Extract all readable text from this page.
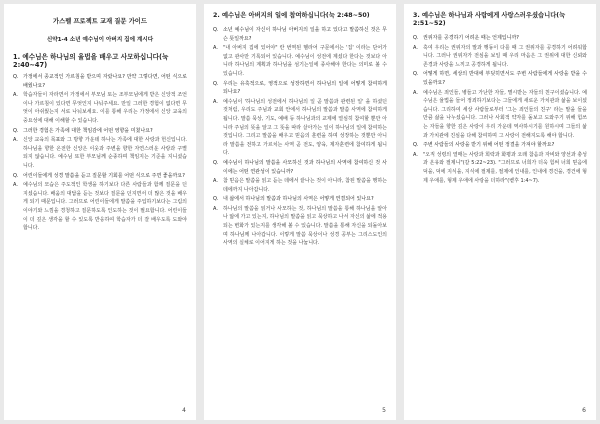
가스펠 프로젝트 교재 질문 가이드
신약1-4 소년 예수님이 아버지 집에 계시다
1. 예수님은 하나님의 율법을 배우고 사모하십니다(눅 2:40~47)
Q. 가정에서 종교적인 가르침을 받으며 자랐나요? 만약 그렇다면, 어떤 식으로 배웠나요?
A.	학습자들이 자라면서 가정에서 부모님 또는 조부모님에게 받은 신앙적 조언이나 가르침이 있다면 무엇인지 나눠주세요. 만일 그러한 경험이 없다면 무엇이 아쉬웠는지 서로 나눠보세요. 이를 통해 우리는 가정에서 신앙 교육의 중요성에 대해 이해할 수 있습니다.
Q. 그러한 경험은 가족에 대한 책임감에 어떤 영향을 미쳤나요?
A.	신앙 교육의 목표와 그 방향 가운데 하나는 가족에 대한 사랑과 헌신입니다. 하나님을 향한 온전한 신앙은 이웃과 주변을 향한 자연스러운 사랑과 구별되지 않습니다. 예수님 또한 부모님께 순종하며 책임지는 기준을 지니셨습니다.
Q. 어린이들에게 성경 말씀을 듣고 질문할 기회를 어떤 식으로 주면 좋을까요?
A.	예수님의 모습은 주도적인 학생을 하기보다 다른 사람들과 함께 질문을 던지셨습니다. 배움의 대답을 듣는 것보다 질문을 던지면서 더 많은 것을 배우게 되기 때문입니다. 그러므로 어린이들에게 말씀을 주입하기보다는 그림의 이야기와 느낌을 경청하고 질문하도록 인도하는 것이 필요합니다. 어린이들이 더 깊은 생각을 할 수 있도록 반응하여 학습자가 더 잘 배우도록 도와야 합니다.
4
2. 예수님은 아버지의 일에 참여하십니다(눅 2:48~50)
Q. 소년 예수님이 자신이 하나님 아버지의 일을 하고 있다고 말씀하신 것은 무슨 뜻일까요?
A.	"내 아버지 집에 있어야" 란 번역된 헬라어 구문에서는 '집' 이라는 단어가 없고 관사만 기록되어 있습니다. 예수님이 성전에 계셨다 한다는 것보다 아니라 하나님의 계획과 하나님을 섬기는일에 종사해야 한다는 의미로 볼 수 있습니다.
Q. 우리는 유혹적으로, 영적으로 성장하면서 하나님의 일에 어떻게 참여하게 되나요?
A.	예수님이 '하나님의 성전에서 하나님의 일 곧 말씀과 관련된 일' 을 하셨던 것처럼, 우리도 주님과 교회 안에서 하나님의 말씀과 말씀 사역에 참여하게 됩니다. 말씀 묵상, 기도, 예배 등 하나님과의 교제에 열심히 참여할 뿐만 아니라 주님의 뜻을 알고 그 뜻을 따라 살아가는 일이 하나님의 일에 참여하는 것입니다. 그리고 말씀을 배우고 믿음의 훈련을 하며 성장하는 것뿐만 아니라 말씀을 전하고 가르치는 사역 곧 전도, 양육, 제자훈련에 참여하게 됩니다.
Q. 예수님이 하나님의 말씀을 사모하신 것과 하나님의 사역에 참여하신 것 사이에는 어떤 연관성이 있습니까?
A.	참 믿음은 말씀을 읽고 듣는 데에서 끝나는 것이 아니라, 참된 말씀을 행하는 데에까지 나아갑니다.
Q. 내 삶에서 하나님의 말씀과 하나님의 사역은 어떻게 연결되어 있나요?
A.	하나님의 말씀을 읽거나 사모하는 것, 하나님의 말씀을 통해 하나님을 알아나 앎에 가고 있는지, 하나님의 말씀을 읽고 묵상하고 나서 자신의 삶에 적용되는 변화가 있는지를 생각해 볼 수 있습니다. 말씀을 통해 자신을 되돌아보며 하나님께 나아갑니다. 이렇게 말씀 묵상이나 성경 공부는 그리스도인의 사역의 실체로 이어지게 하는 것을 나눕니다.
5
3. 예수님은 하나님과 사람에게 사랑스러우셨습니다(눅 2:51~52)
Q. 권위자를 공경하기 어려운 때는 언제입니까?
A.	혹여 우리는 권위자의 말과 행동이 다를 때 그 권위자를 공경하기 어려워합니다. 그러나 권위자가 전심을 보일 때 우리 마음은 그 권위에 대한 신뢰와 존경과 사랑을 느끼고 공경하게 됩니다.
Q. 어떻게 하면, 세상의 반대에 부딪히면서도 주변 사람들에게 사랑을 받을 수 있을까요?
A.	예수님은 죄인들, 병들고 가난한 자들, 멸시받는 자들의 친구이셨습니다. 예수님은 율법을 들어 정죄하기보다는 그들에게 새로운 가치관과 삶을 보이셨습니다. 그리하여 세상 사람들로부터 '그는 죄인들의 친구' 라는 말을 들을 만큼 삶을 나누셨습니다. 그러나 사회적 약자를 돌보고 도와주기 위해 힘쓰는 자들을 향한 깊은 사랑이 우리 가운데 역사하시기를 원하시며 그들의 삶과 가치관에 진심을 다해 참여하며 그 사랑이 전해지도록 해야 합니다.
Q. 주변 사람들의 사랑을 받기 위해 어떤 정결을 가져야 할까요?
A.	"오직 성령의 열매는 사랑과 희락과 화평과 오래 참음과 자비와 양선과 충성과 온유와 절제니"(갈 5:22~23). "그러므로 너희가 더욱 힘써 너희 믿음에 덕을, 덕에 지식을, 지식에 절제를, 절제에 인내를, 인내에 경건을, 경건에 형제 우애를, 형제 우애에 사랑을 더하라"(벧후 1:4~7).
6
